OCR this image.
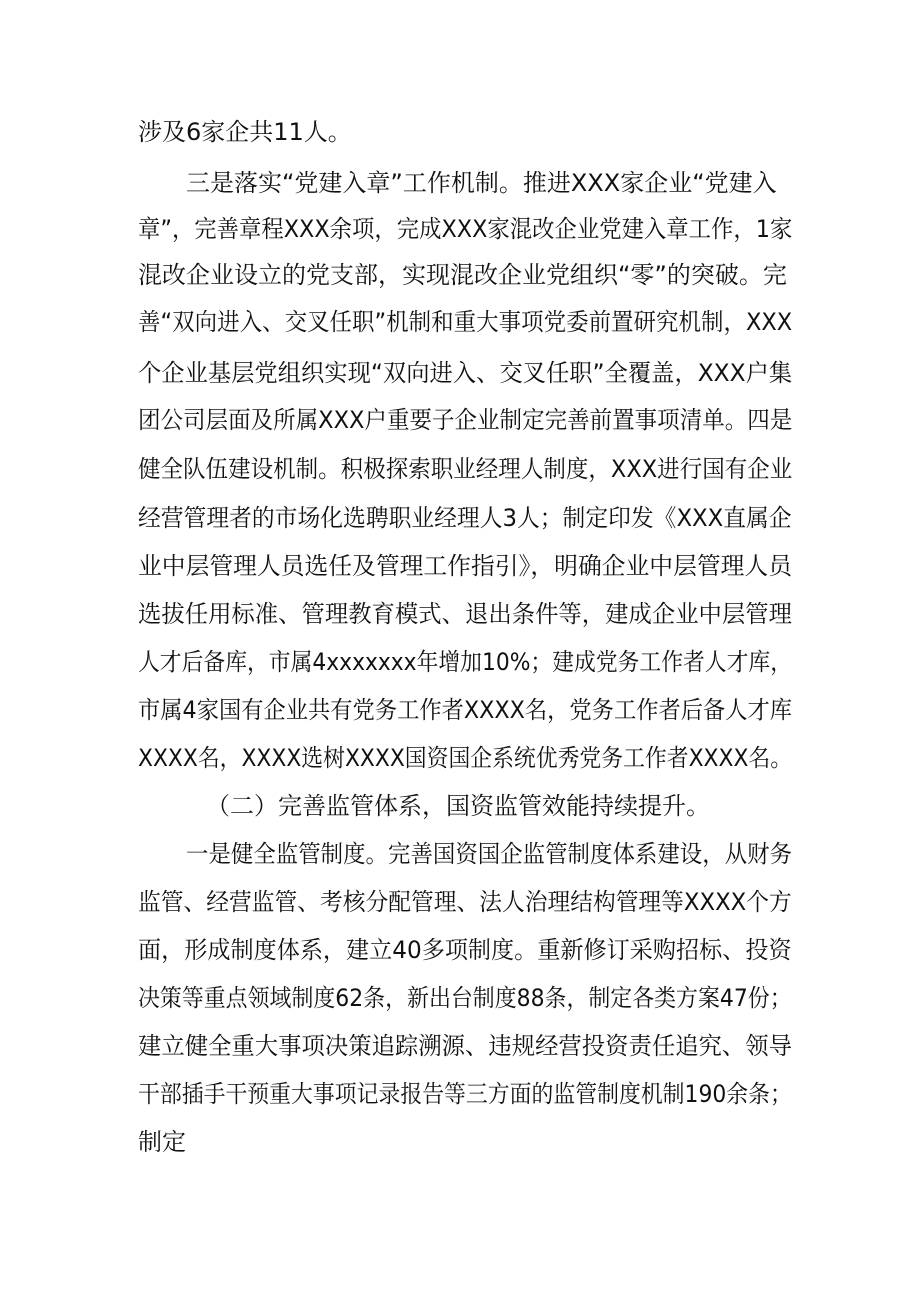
涉及6家企共11人。
三是落实“党建入章”工作机制。推进XXX家企业“党建入
章”，完善章程XXX余项，完成XXX家混改企业党建入章工作，1家
混改企业设立的党支部，实现混改企业党组织“零”的突破。完
善“双向进入、交叉任职”机制和重大事项党委前置研究机制，XXX
个企业基层党组织实现“双向进入、交叉任职”全覆盖，XXX户集
团公司层面及所属XXX户重要子企业制定完善前置事项清单。四是
健全队伍建设机制。积极探索职业经理人制度，XXX进行国有企业
经营管理者的市场化选聘职业经理人3人；制定印发《XXX直属企
业中层管理人员选任及管理工作指引》，明确企业中层管理人员
选拔任用标准、管理教育模式、退出条件等，建成企业中层管理
人才后备库，市属4xxxxxxx年增加10%；建成党务工作者人才库，
市属4家国有企业共有党务工作者XXXX名，党务工作者后备人才库
XXXX名，XXXX选树XXXX国资国企系统优秀党务工作者XXXX名。
（二）完善监管体系，国资监管效能持续提升。
一是健全监管制度。完善国资国企监管制度体系建设，从财务
监管、经营监管、考核分配管理、法人治理结构管理等XXXX个方
面，形成制度体系，建立40多项制度。重新修订采购招标、投资
决策等重点领域制度62条，新出台制度88条，制定各类方案47份；
建立健全重大事项决策追踪溯源、违规经营投资责任追究、领导
干部插手干预重大事项记录报告等三方面的监管制度机制190余条；
制定
